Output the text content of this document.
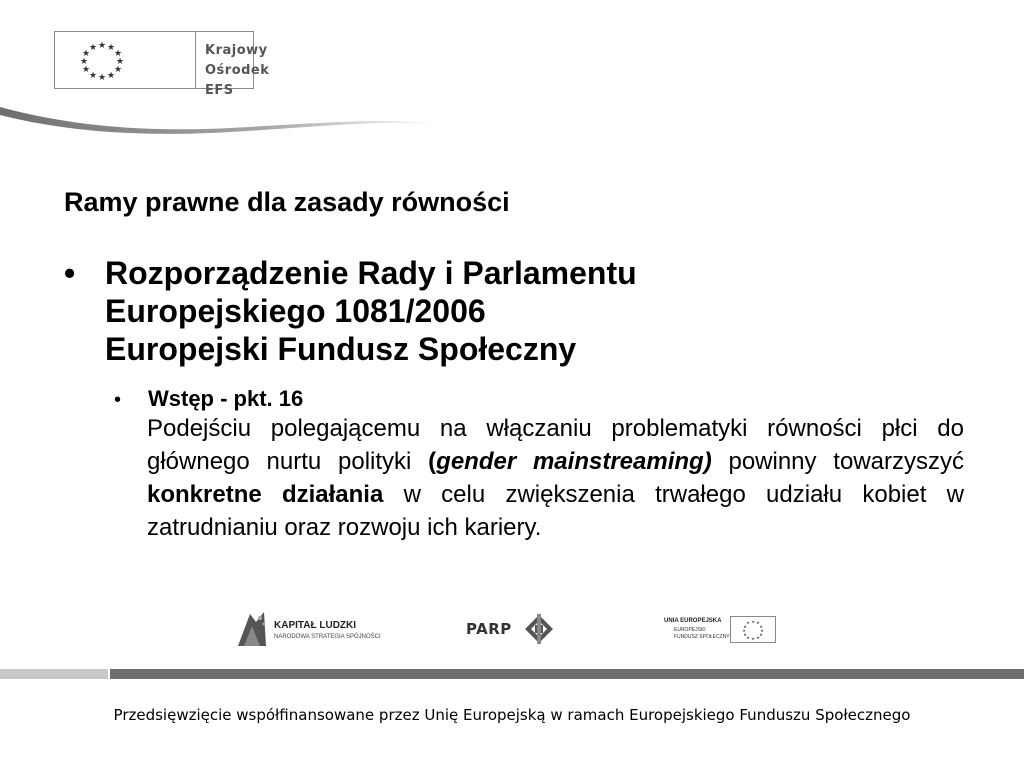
★ ★
★
★
★
★
★
★
★
★
★
★	Krajowy
Ośrodek EFS
Ramy prawne dla zasady równości
• Rozporządzenie Rady i Parlamentu
Europejskiego 1081/2006
Europejski Fundusz Społeczny
• Wstęp - pkt. 16
Podejściu polegającemu na włączaniu problematyki równości płci do głównego nurtu polityki (gender mainstreaming) powinny towarzyszyć konkretne działania w celu zwiększenia trwałego udziału kobiet w zatrudnianiu oraz rozwoju ich kariery.
KAPITAŁ LUDZKI
NARODOWA STRATEGIA SPÓJNOŚCI	PARP	UNIA EUROPEJSKA
EUROPEJSKI
FUNDUSZ SPOŁECZNY
★ ★
★
★
★
★
★
★
★
★
★
★
Przedsięwzięcie współfinansowane przez Unię Europejską w ramach Europejskiego Funduszu Społecznego
